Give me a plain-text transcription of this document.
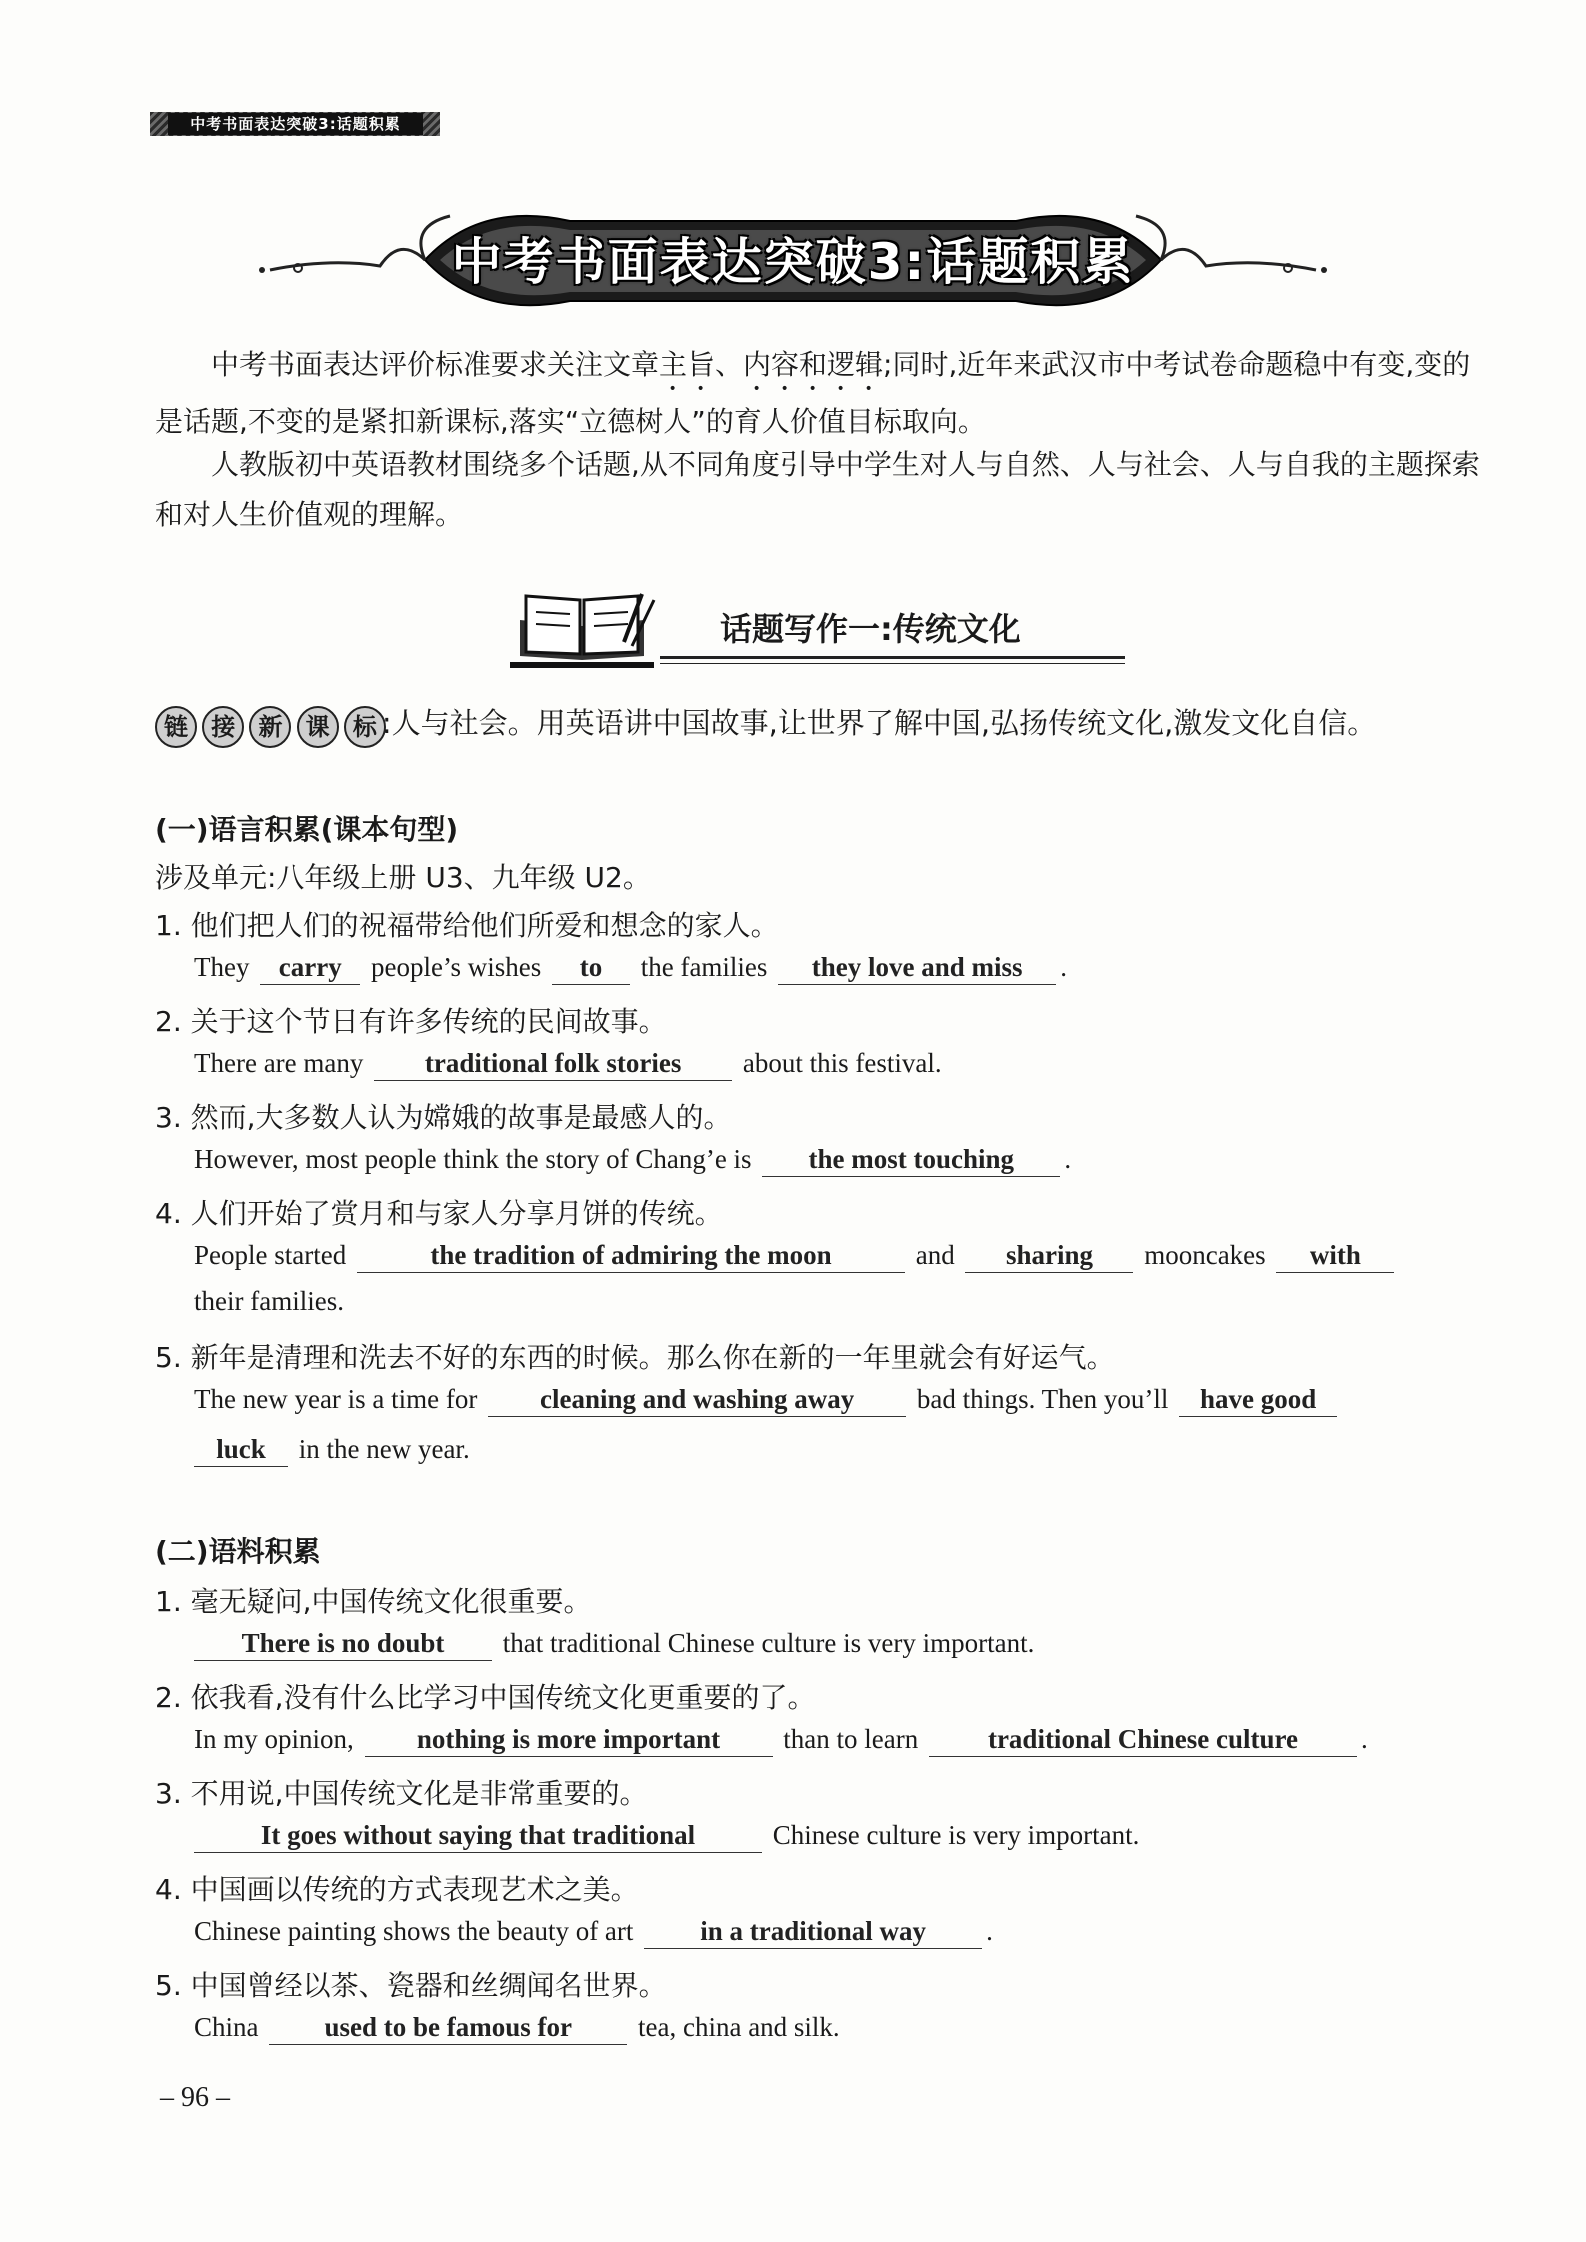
中考书面表达突破3:话题积累
中考书面表达突破3:话题积累
中考书面表达评价标准要求关注文章主旨、内容和逻辑;同时,近年来武汉市中考试卷命题稳中有变,变的是话题,不变的是紧扣新课标,落实“立德树人”的育人价值目标取向。
人教版初中英语教材围绕多个话题,从不同角度引导中学生对人与自然、人与社会、人与自我的主题探索和对人生价值观的理解。
话题写作一:传统文化
链 接 新 课 标 :人与社会。用英语讲中国故事,让世界了解中国,弘扬传统文化,激发文化自信。
(一)语言积累(课本句型)
涉及单元:八年级上册 U3、九年级 U2。
1. 他们把人们的祝福带给他们所爱和想念的家人。
They carry people’s wishes to the families they love and miss .
2. 关于这个节日有许多传统的民间故事。
There are many traditional folk stories about this festival.
3. 然而,大多数人认为嫦娥的故事是最感人的。
However, most people think the story of Chang’e is the most touching .
4. 人们开始了赏月和与家人分享月饼的传统。
People started	the tradition of admiring the moon	and sharing mooncakes with
their families.
5. 新年是清理和洗去不好的东西的时候。那么你在新的一年里就会有好运气。
The new year is a time for cleaning and washing away bad things. Then you’ll have good
luck in the new year.
(二)语料积累
1. 毫无疑问,中国传统文化很重要。
There is no doubt that traditional Chinese culture is very important.
2. 依我看,没有什么比学习中国传统文化更重要的了。
In my opinion, nothing is more important than to learn	traditional Chinese culture .
3. 不用说,中国传统文化是非常重要的。
It goes without saying that traditional	Chinese culture is very important.
4. 中国画以传统的方式表现艺术之美。
Chinese painting shows the beauty of art in a traditional way .
5. 中国曾经以茶、瓷器和丝绸闻名世界。
China used to be famous for tea, china and silk.
– 96 –
